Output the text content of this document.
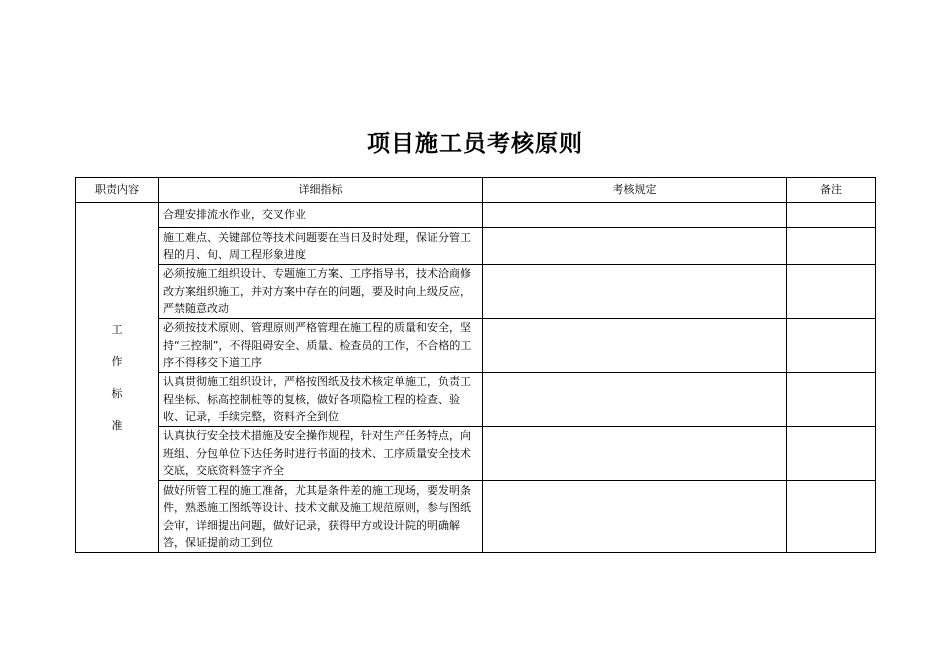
项目施工员考核原则
职责内容	详细指标	考核规定	备注

工
作
标
准	合理安排流水作业，交叉作业		
	施工难点、关键部位等技术问题要在当日及时处理，保证分管工程的月、旬、周工程形象进度		
	必须按施工组织设计、专题施工方案、工序指导书，技术洽商修改方案组织施工，并对方案中存在的问题，要及时向上级反应，严禁随意改动		
	必须按技术原则、管理原则严格管理在施工程的质量和安全，坚持“三控制”，不得阻碍安全、质量、检查员的工作，不合格的工序不得移交下道工序		
	认真贯彻施工组织设计，严格按图纸及技术核定单施工，负责工程坐标、标高控制桩等的复核，做好各项隐检工程的检查、验收、记录，手续完整，资料齐全到位		
	认真执行安全技术措施及安全操作规程，针对生产任务特点，向班组、分包单位下达任务时进行书面的技术、工序质量安全技术交底，交底资料签字齐全		
	做好所管工程的施工准备，尤其是条件差的施工现场，要发明条件，熟悉施工图纸等设计、技术文献及施工规范原则，参与图纸会审，详细提出问题，做好记录，获得甲方或设计院的明确解答，保证提前动工到位		
